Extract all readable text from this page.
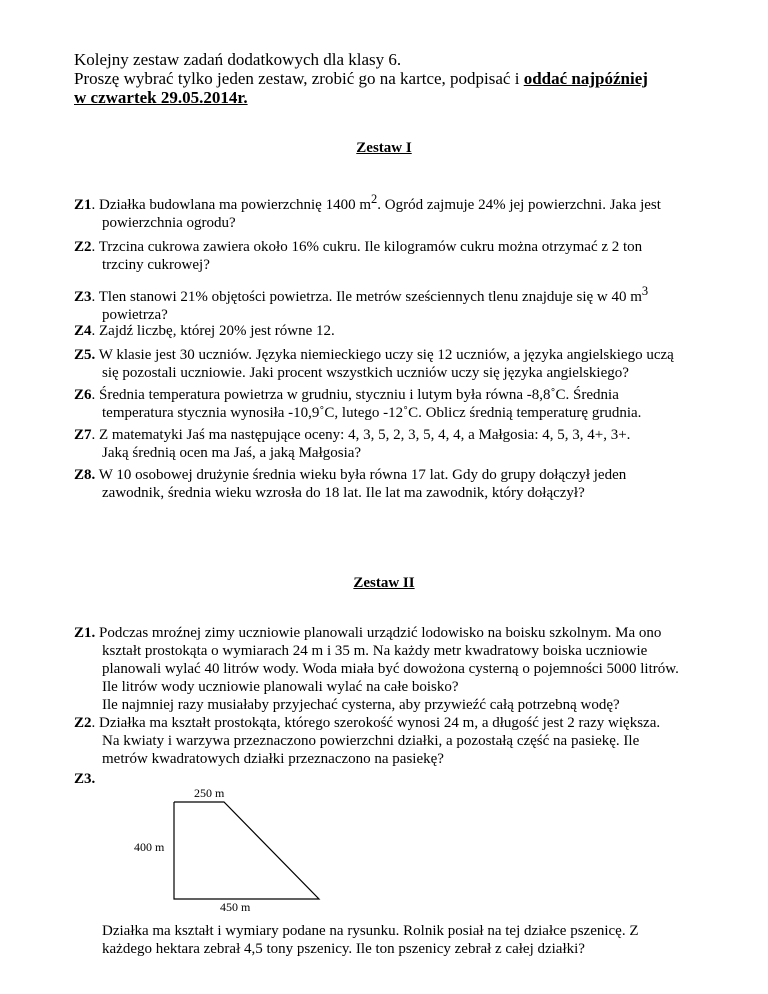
Kolejny zestaw zadań dodatkowych dla klasy 6.
Proszę wybrać tylko jeden zestaw, zrobić go na kartce, podpisać i oddać najpóźniej
w czwartek 29.05.2014r.
Zestaw I
Z1. Działka budowlana ma powierzchnię 1400 $m^2$. Ogród zajmuje 24% jej powierzchni. Jaka jest
powierzchnia ogrodu?
Z2. Trzcina cukrowa zawiera około 16% cukru. Ile kilogramów cukru można otrzymać z 2 ton
trzciny cukrowej?
Z3. Tlen stanowi 21% objętości powietrza. Ile metrów sześciennych tlenu znajduje się w 40 $m^3$
powietrza?
Z4. Zajdź liczbę, której 20% jest równe 12.
Z5. W klasie jest 30 uczniów. Języka niemieckiego uczy się 12 uczniów, a języka angielskiego uczą
się pozostali uczniowie. Jaki procent wszystkich uczniów uczy się języka angielskiego?
Z6. Średnia temperatura powietrza w grudniu, styczniu i lutym była równa -8,8˚C. Średnia
temperatura stycznia wynosiła -10,9˚C, lutego -12˚C. Oblicz średnią temperaturę grudnia.
Z7. Z matematyki Jaś ma następujące oceny: 4, 3, 5, 2, 3, 5, 4, 4, a Małgosia: 4, 5, 3, 4+, 3+.
Jaką średnią ocen ma Jaś, a jaką Małgosia?
Z8. W 10 osobowej drużynie średnia wieku była równa 17 lat. Gdy do grupy dołączył jeden
zawodnik, średnia wieku wzrosła do 18 lat. Ile lat ma zawodnik, który dołączył?
Zestaw II
Z1. Podczas mroźnej zimy uczniowie planowali urządzić lodowisko na boisku szkolnym. Ma ono
kształt prostokąta o wymiarach 24 m i 35 m. Na każdy metr kwadratowy boiska uczniowie
planowali wylać 40 litrów wody. Woda miała być dowożona cysterną o pojemności 5000 litrów.
Ile litrów wody uczniowie planowali wylać na całe boisko?
Ile najmniej razy musiałaby przyjechać cysterna, aby przywieźć całą potrzebną wodę?
Z2. Działka ma kształt prostokąta, którego szerokość wynosi 24 m, a długość jest 2 razy większa.
Na kwiaty i warzywa przeznaczono powierzchni działki, a pozostałą część na pasiekę. Ile
metrów kwadratowych działki przeznaczono na pasiekę?
Z3.
250 m
400 m
450 m
Działka ma kształt i wymiary podane na rysunku. Rolnik posiał na tej działce pszenicę. Z
każdego hektara zebrał 4,5 tony pszenicy. Ile ton pszenicy zebrał z całej działki?
